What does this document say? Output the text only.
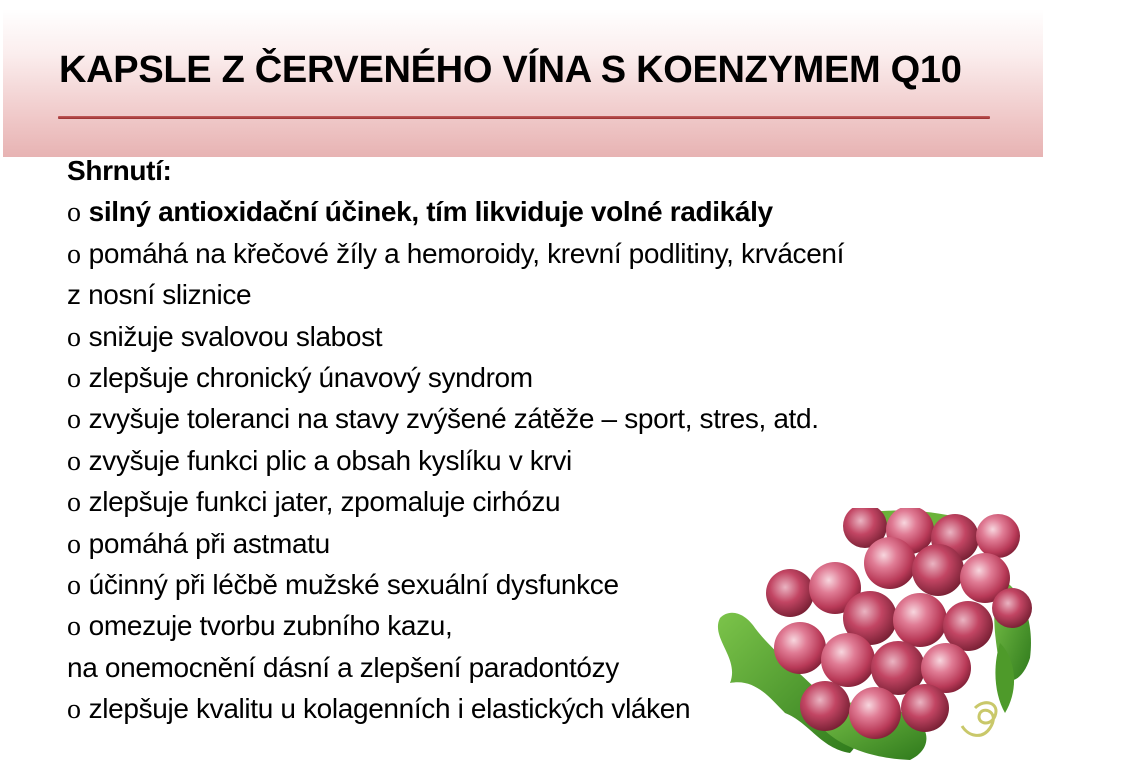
KAPSLE Z ČERVENÉHO VÍNA S KOENZYMEM Q10
Shrnutí:
o silný antioxidační účinek, tím likviduje volné radikály
o pomáhá na křečové žíly a hemoroidy, krevní podlitiny, krvácení
z nosní sliznice
o snižuje svalovou slabost
o zlepšuje chronický únavový syndrom
o zvyšuje toleranci na stavy zvýšené zátěže – sport, stres, atd.
o zvyšuje funkci plic a obsah kyslíku v krvi
o zlepšuje funkci jater, zpomaluje cirhózu
o pomáhá při astmatu
o účinný při léčbě mužské sexuální dysfunkce
o omezuje tvorbu zubního kazu,
na onemocnění dásní a zlepšení paradontózy
o zlepšuje kvalitu u kolagenních i elastických vláken
